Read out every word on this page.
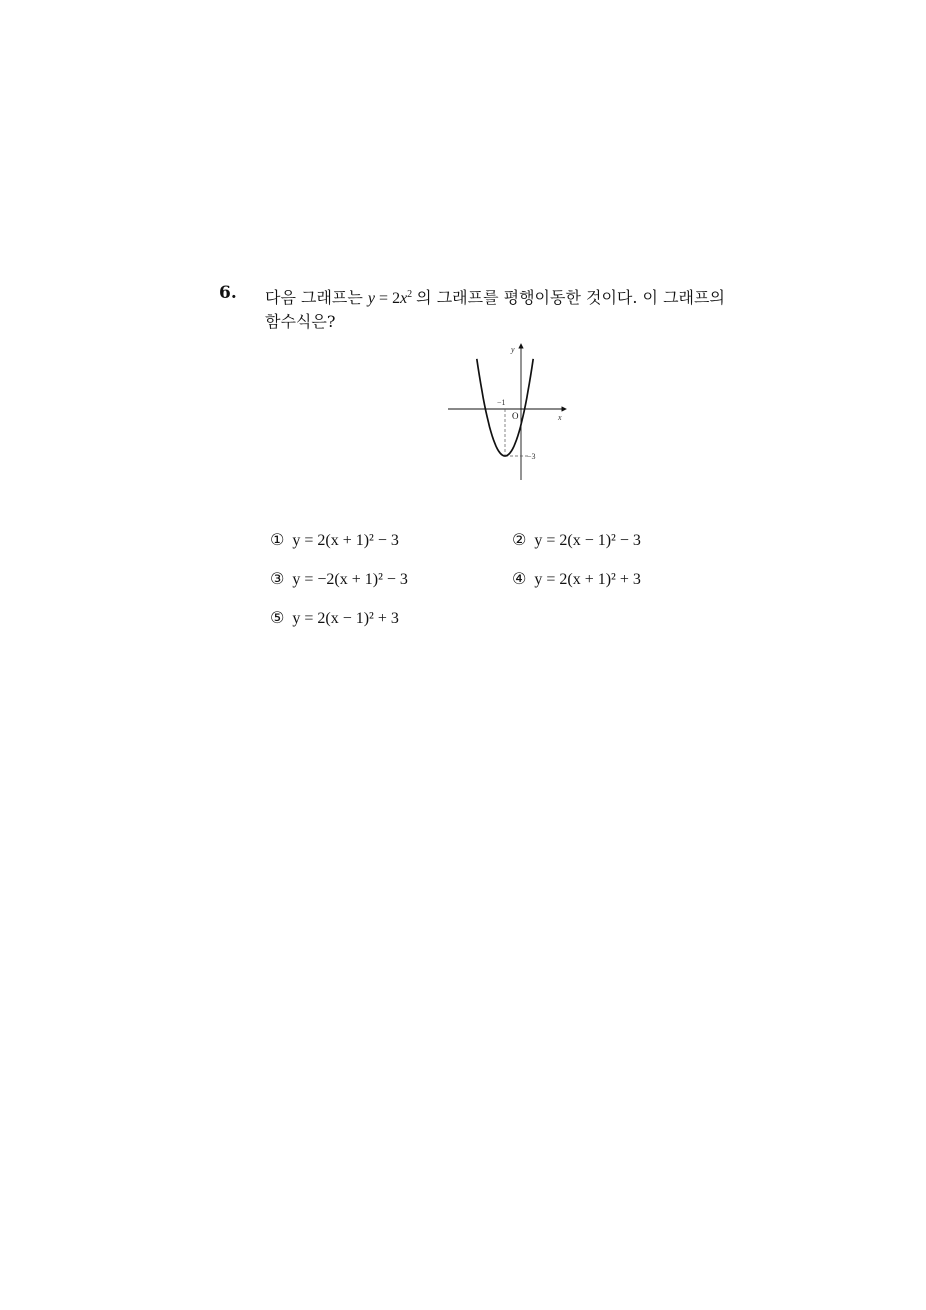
6. 다음 그래프는 $y = 2x^2$ 의 그래프를 평행이동한 것이다. 이 그래프의
함수식은?
y
x
O
−1
−3
① y = 2(x + 1)² − 3	② y = 2(x − 1)² − 3
③ y = −2(x + 1)² − 3	④ y = 2(x + 1)² + 3
⑤ y = 2(x − 1)² + 3
